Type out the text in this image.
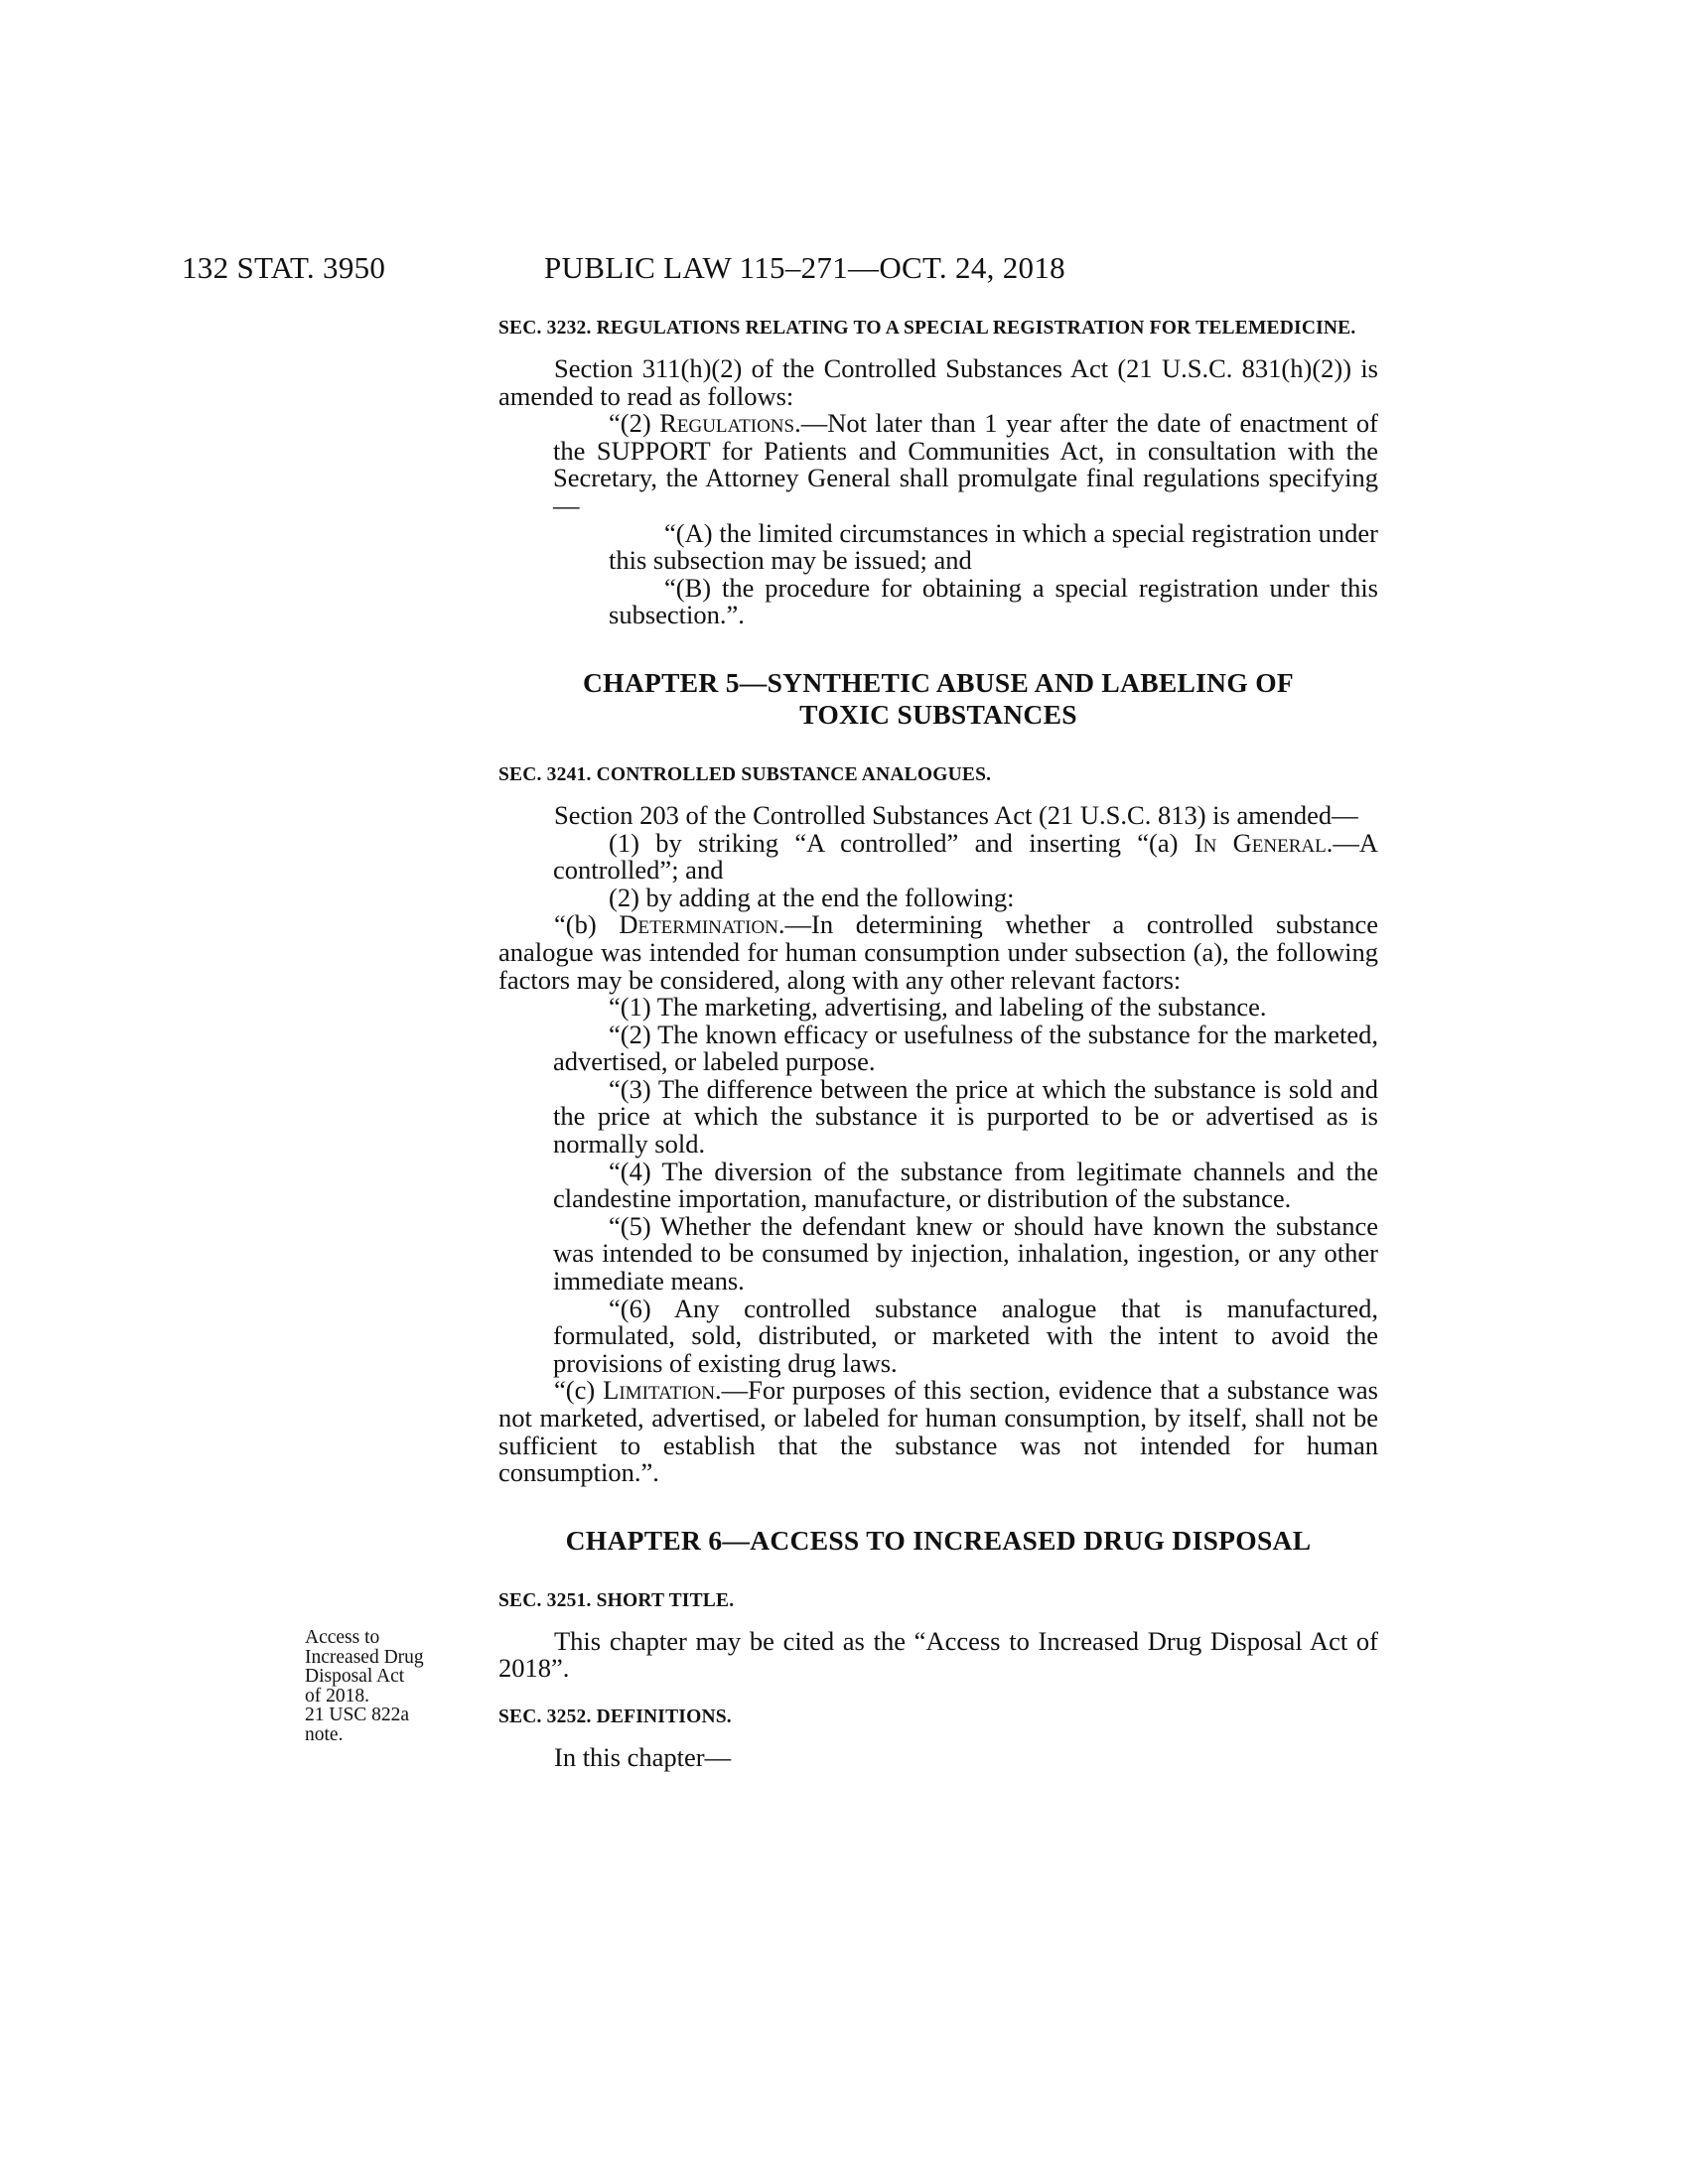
132 STAT. 3950	PUBLIC LAW 115–271—OCT. 24, 2018

SEC. 3232. REGULATIONS RELATING TO A SPECIAL REGISTRATION FOR TELEMEDICINE.

Section 311(h)(2) of the Controlled Substances Act (21 U.S.C. 831(h)(2)) is amended to read as follows:

“(2) Regulations.—Not later than 1 year after the date of enactment of the SUPPORT for Patients and Communities Act, in consultation with the Secretary, the Attorney General shall promulgate final regulations specifying—

“(A) the limited circumstances in which a special registration under this subsection may be issued; and

“(B) the procedure for obtaining a special registration under this subsection.”.

CHAPTER 5—SYNTHETIC ABUSE AND LABELING OF

TOXIC SUBSTANCES

SEC. 3241. CONTROLLED SUBSTANCE ANALOGUES.

Section 203 of the Controlled Substances Act (21 U.S.C. 813) is amended—

(1) by striking “A controlled” and inserting “(a) In General.—A controlled”; and

(2) by adding at the end the following:

“(b) Determination.—In determining whether a controlled substance analogue was intended for human consumption under subsection (a), the following factors may be considered, along with any other relevant factors:

“(1) The marketing, advertising, and labeling of the substance.

“(2) The known efficacy or usefulness of the substance for the marketed, advertised, or labeled purpose.

“(3) The difference between the price at which the substance is sold and the price at which the substance it is purported to be or advertised as is normally sold.

“(4) The diversion of the substance from legitimate channels and the clandestine importation, manufacture, or distribution of the substance.

“(5) Whether the defendant knew or should have known the substance was intended to be consumed by injection, inhalation, ingestion, or any other immediate means.

“(6) Any controlled substance analogue that is manufactured, formulated, sold, distributed, or marketed with the intent to avoid the provisions of existing drug laws.

“(c) Limitation.—For purposes of this section, evidence that a substance was not marketed, advertised, or labeled for human consumption, by itself, shall not be sufficient to establish that the substance was not intended for human consumption.”.

CHAPTER 6—ACCESS TO INCREASED DRUG DISPOSAL

SEC. 3251. SHORT TITLE.

This chapter may be cited as the “Access to Increased Drug Disposal Act of 2018”.

SEC. 3252. DEFINITIONS.

In this chapter—

Access to
Increased Drug
Disposal Act
of 2018.
21 USC 822a
note.
